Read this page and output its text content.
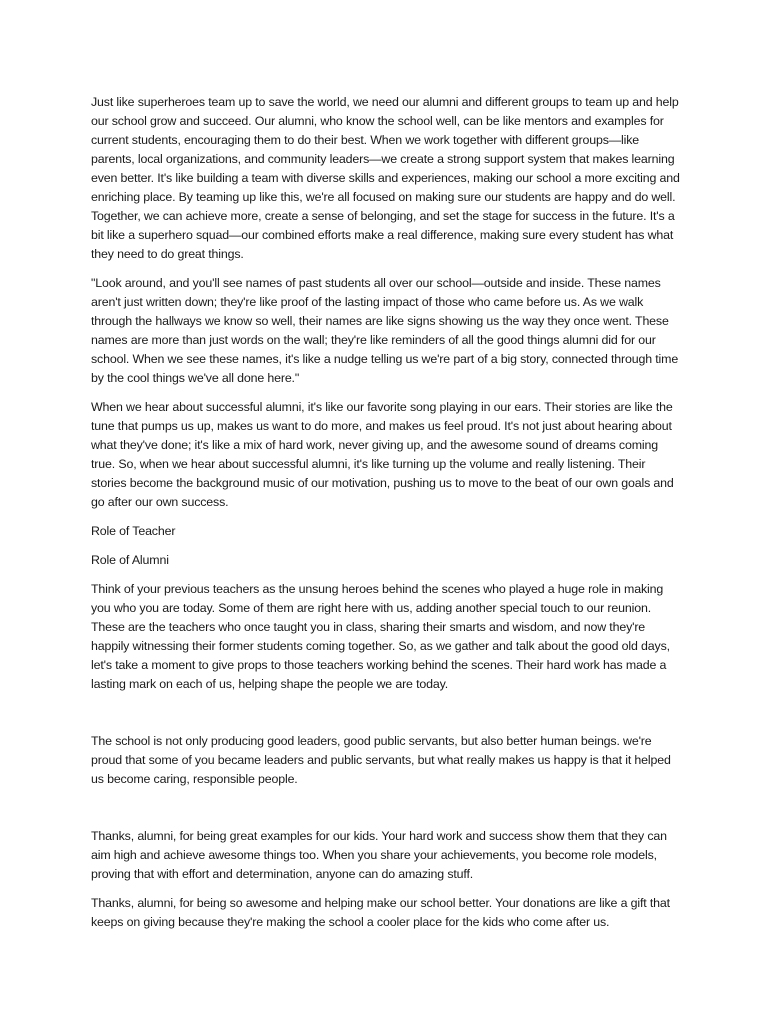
Just like superheroes team up to save the world, we need our alumni and different groups to team up and help our school grow and succeed. Our alumni, who know the school well, can be like mentors and examples for current students, encouraging them to do their best. When we work together with different groups—like parents, local organizations, and community leaders—we create a strong support system that makes learning even better. It's like building a team with diverse skills and experiences, making our school a more exciting and enriching place. By teaming up like this, we're all focused on making sure our students are happy and do well. Together, we can achieve more, create a sense of belonging, and set the stage for success in the future. It's a bit like a superhero squad—our combined efforts make a real difference, making sure every student has what they need to do great things.

"Look around, and you'll see names of past students all over our school—outside and inside. These names aren't just written down; they're like proof of the lasting impact of those who came before us. As we walk through the hallways we know so well, their names are like signs showing us the way they once went. These names are more than just words on the wall; they're like reminders of all the good things alumni did for our school. When we see these names, it's like a nudge telling us we're part of a big story, connected through time by the cool things we've all done here."

When we hear about successful alumni, it's like our favorite song playing in our ears. Their stories are like the tune that pumps us up, makes us want to do more, and makes us feel proud. It's not just about hearing about what they've done; it's like a mix of hard work, never giving up, and the awesome sound of dreams coming true. So, when we hear about successful alumni, it's like turning up the volume and really listening. Their stories become the background music of our motivation, pushing us to move to the beat of our own goals and go after our own success.

Role of Teacher

Role of Alumni

Think of your previous teachers as the unsung heroes behind the scenes who played a huge role in making you who you are today. Some of them are right here with us, adding another special touch to our reunion. These are the teachers who once taught you in class, sharing their smarts and wisdom, and now they're happily witnessing their former students coming together. So, as we gather and talk about the good old days, let's take a moment to give props to those teachers working behind the scenes. Their hard work has made a lasting mark on each of us, helping shape the people we are today.

The school is not only producing good leaders, good public servants, but also better human beings. we're proud that some of you became leaders and public servants, but what really makes us happy is that it helped us become caring, responsible people.

Thanks, alumni, for being great examples for our kids. Your hard work and success show them that they can aim high and achieve awesome things too. When you share your achievements, you become role models, proving that with effort and determination, anyone can do amazing stuff.

Thanks, alumni, for being so awesome and helping make our school better. Your donations are like a gift that keeps on giving because they're making the school a cooler place for the kids who come after us.
